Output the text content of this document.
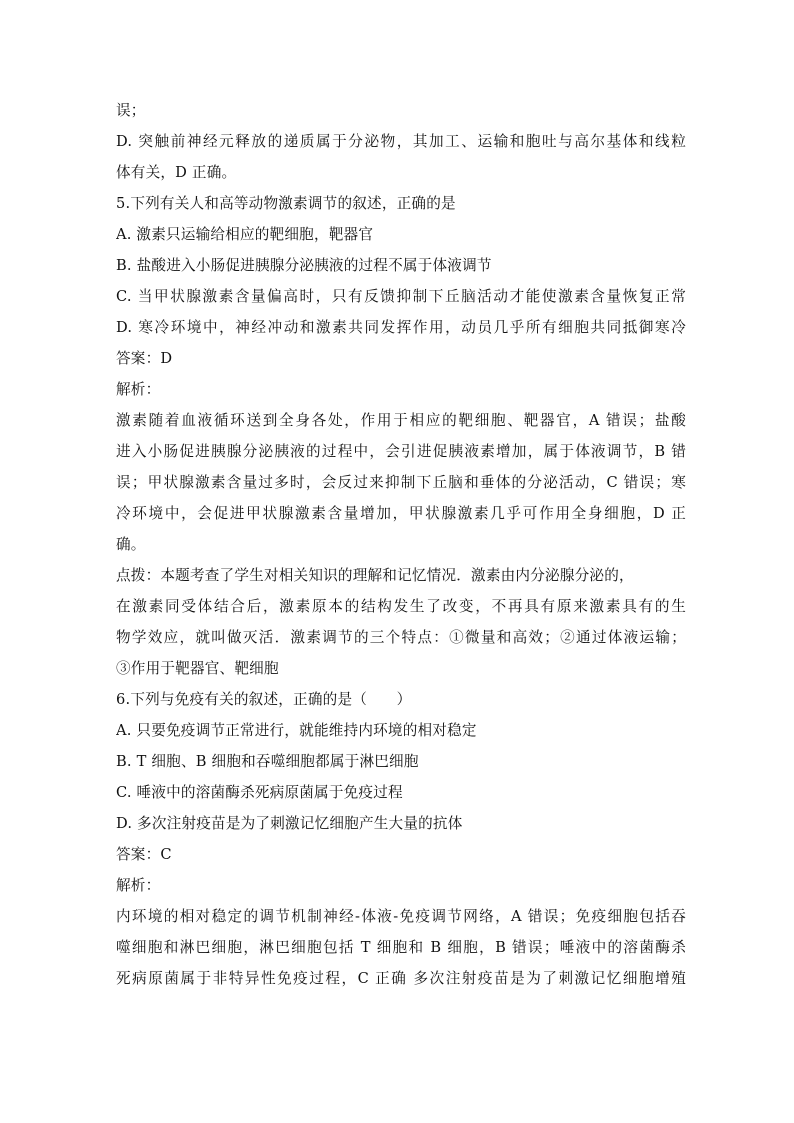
误；
D. 突触前神经元释放的递质属于分泌物，其加工、运输和胞吐与高尔基体和线粒
体有关，D 正确。
5.下列有关人和高等动物激素调节的叙述，正确的是
A. 激素只运输给相应的靶细胞，靶器官
B. 盐酸进入小肠促进胰腺分泌胰液的过程不属于体液调节
C. 当甲状腺激素含量偏高时，只有反馈抑制下丘脑活动才能使激素含量恢复正常
D. 寒冷环境中，神经冲动和激素共同发挥作用，动员几乎所有细胞共同抵御寒冷
答案：D
解析：
激素随着血液循环送到全身各处，作用于相应的靶细胞、靶器官，A 错误；盐酸
进入小肠促进胰腺分泌胰液的过程中，会引进促胰液素增加，属于体液调节，B 错
误；甲状腺激素含量过多时，会反过来抑制下丘脑和垂体的分泌活动，C 错误；寒
冷环境中，会促进甲状腺激素含量增加，甲状腺激素几乎可作用全身细胞，D 正
确。
点拨：本题考查了学生对相关知识的理解和记忆情况．激素由内分泌腺分泌的，
在激素同受体结合后，激素原本的结构发生了改变，不再具有原来激素具有的生
物学效应，就叫做灭活．激素调节的三个特点：①微量和高效；②通过体液运输；
③作用于靶器官、靶细胞
6.下列与免疫有关的叙述，正确的是（　　）
A. 只要免疫调节正常进行，就能维持内环境的相对稳定
B. T 细胞、B 细胞和吞噬细胞都属于淋巴细胞
C. 唾液中的溶菌酶杀死病原菌属于免疫过程
D. 多次注射疫苗是为了刺激记忆细胞产生大量的抗体
答案：C
解析：
内环境的相对稳定的调节机制神经-体液-免疫调节网络，A 错误；免疫细胞包括吞
噬细胞和淋巴细胞，淋巴细胞包括 T 细胞和 B 细胞，B 错误；唾液中的溶菌酶杀
死病原菌属于非特异性免疫过程，C 正确 多次注射疫苗是为了刺激记忆细胞增殖
